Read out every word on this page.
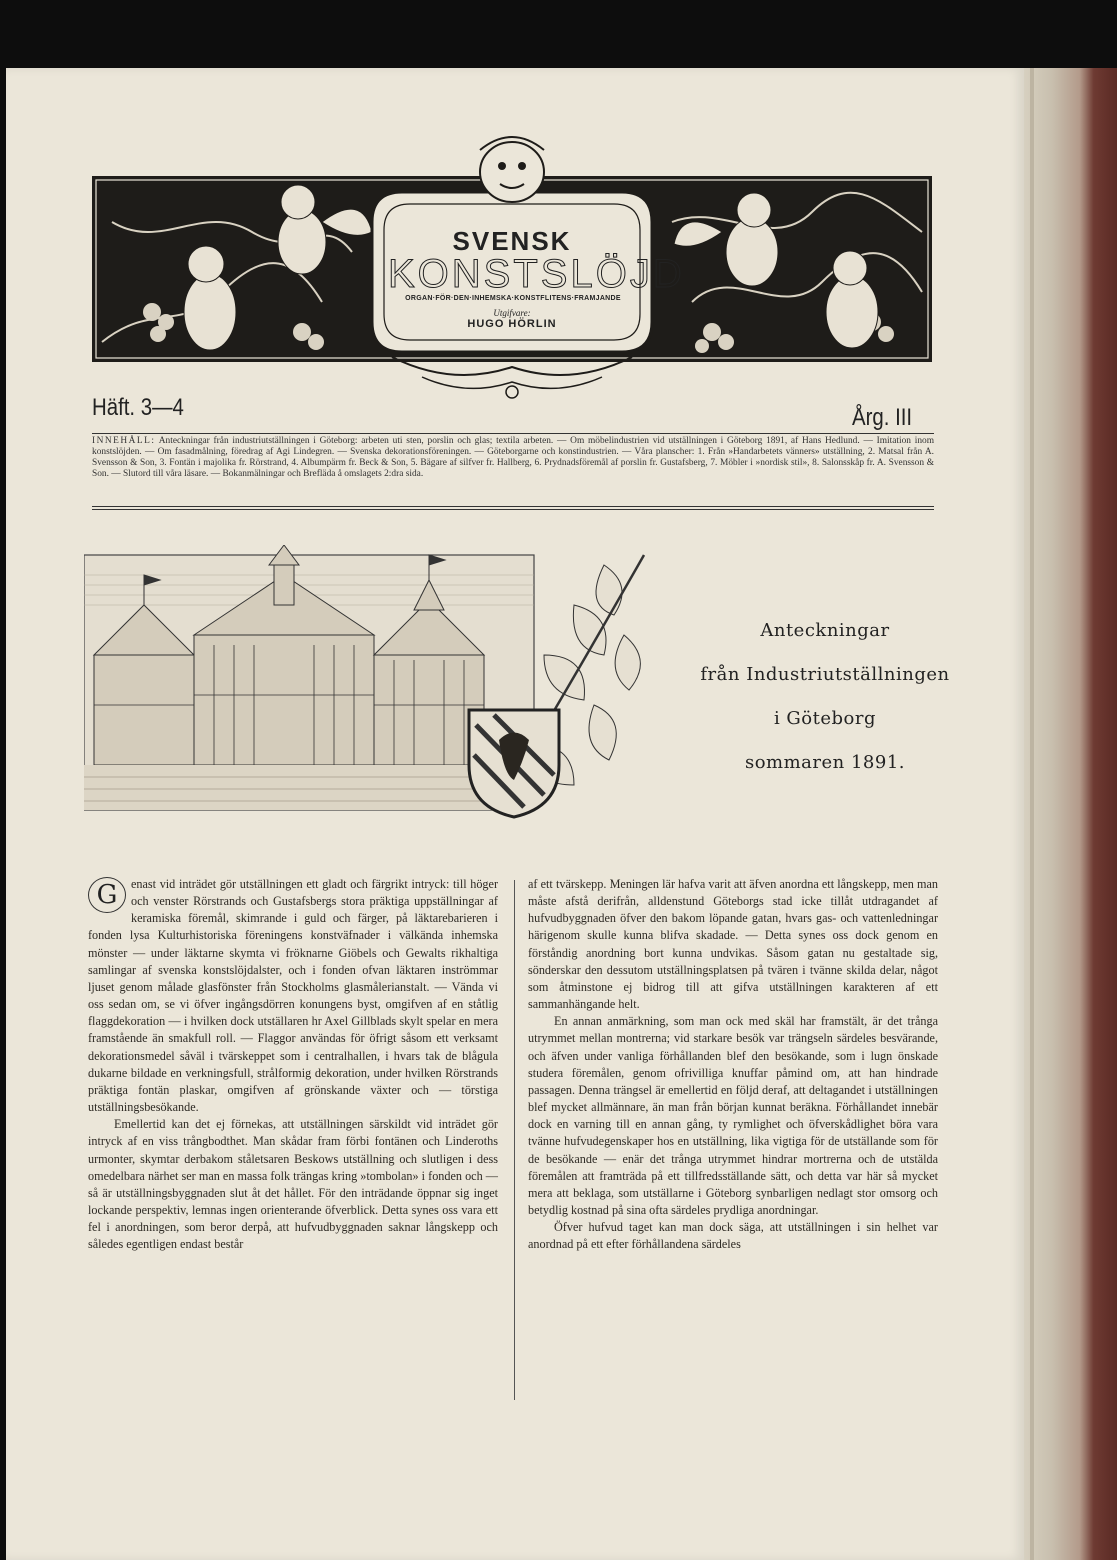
SVENSK
KONSTSLÖJD
ORGAN·FÖR·DEN·INHEMSKA·KONSTFLITENS·FRAMJANDE
Utgifvare:
HUGO HÖRLIN
Häft. 3—4	Årg. III
INNEHÅLL: Anteckningar från industriutställningen i Göteborg: arbeten uti sten, porslin och glas; textila arbeten. — Om möbelindustrien vid utställningen i Göteborg 1891, af Hans Hedlund. — Imitation inom konstslöjden. — Om fasadmålning, föredrag af Agi Lindegren. — Svenska dekorationsföreningen. — Göteborgarne och konstindustrien. — Våra planscher: 1. Från »Handarbetets vänners» utställning, 2. Matsal från A. Svensson & Son, 3. Fontän i majolika fr. Rörstrand, 4. Albumpärm fr. Beck & Son, 5. Bägare af silfver fr. Hallberg, 6. Prydnadsföremål af porslin fr. Gustafsberg, 7. Möbler i »nordisk stil», 8. Salonsskåp fr. A. Svensson & Son. — Slutord till våra läsare. — Bokanmälningar och Brefläda å omslagets 2:dra sida.
Anteckningar
från Industriutställningen
i Göteborg
sommaren 1891.

G	enast vid inträdet gör utställningen ett gladt och färgrikt intryck: till höger och venster Rörstrands och Gustafsbergs stora präktiga uppställningar af keramiska föremål, skimrande i guld och färger, på läktarebarieren i fonden lysa Kulturhistoriska föreningens konstväfnader i välkända inhemska mönster — under läktarne skymta vi fröknarne Giöbels och Gewalts rikhaltiga samlingar af svenska konstslöjdalster, och i fonden ofvan läktaren inströmmar ljuset genom målade glasfönster från Stockholms glasmålerianstalt. — Vända vi oss sedan om, se vi öfver ingångsdörren konungens byst, omgifven af en ståtlig flaggdekoration — i hvilken dock utställaren hr Axel Gillblads skylt spelar en mera framstående än smakfull roll. — Flaggor användas för öfrigt såsom ett verksamt dekorationsmedel såväl i tvärskeppet som i centralhallen, i hvars tak de blågula dukarne bildade en verkningsfull, strålformig dekoration, under hvilken Rörstrands präktiga fontän plaskar, omgifven af grönskande växter och — törstiga utställningsbesökande.

Emellertid kan det ej förnekas, att utställningen särskildt vid inträdet gör intryck af en viss trångbodthet. Man skådar fram förbi fontänen och Linderoths urmonter, skymtar derbakom ståletsaren Beskows utställning och slutligen i dess omedelbara närhet ser man en massa folk trängas kring »tombolan» i fonden och — så är utställningsbyggnaden slut åt det hållet. För den inträdande öppnar sig inget lockande perspektiv, lemnas ingen orienterande öfverblick. Detta synes oss vara ett fel i anordningen, som beror derpå, att hufvudbyggnaden saknar långskepp och således egentligen endast består

af ett tvärskepp. Meningen lär hafva varit att äfven anordna ett långskepp, men man måste afstå derifrån, alldenstund Göteborgs stad icke tillåt utdragandet af hufvudbyggnaden öfver den bakom löpande gatan, hvars gas- och vattenledningar härigenom skulle kunna blifva skadade. — Detta synes oss dock genom en förståndig anordning bort kunna undvikas. Såsom gatan nu gestaltade sig, sönderskar den dessutom utställningsplatsen på tvären i tvänne skilda delar, något som åtminstone ej bidrog till att gifva utställningen karakteren af ett sammanhängande helt.

En annan anmärkning, som man ock med skäl har framstält, är det trånga utrymmet mellan montrerna; vid starkare besök var trängseln särdeles besvärande, och äfven under vanliga förhållanden blef den besökande, som i lugn önskade studera föremålen, genom ofrivilliga knuffar påmind om, att han hindrade passagen. Denna trängsel är emellertid en följd deraf, att deltagandet i utställningen blef mycket allmännare, än man från början kunnat beräkna. Förhållandet innebär dock en varning till en annan gång, ty rymlighet och öfverskådlighet böra vara tvänne hufvudegenskaper hos en utställning, lika vigtiga för de utställande som för de besökande — enär det trånga utrymmet hindrar mortrerna och de utstälda föremålen att framträda på ett tillfredsställande sätt, och detta var här så mycket mera att beklaga, som utställarne i Göteborg synbarligen nedlagt stor omsorg och betydlig kostnad på sina ofta särdeles prydliga anordningar.

Öfver hufvud taget kan man dock säga, att utställningen i sin helhet var anordnad på ett efter förhållandena särdeles
